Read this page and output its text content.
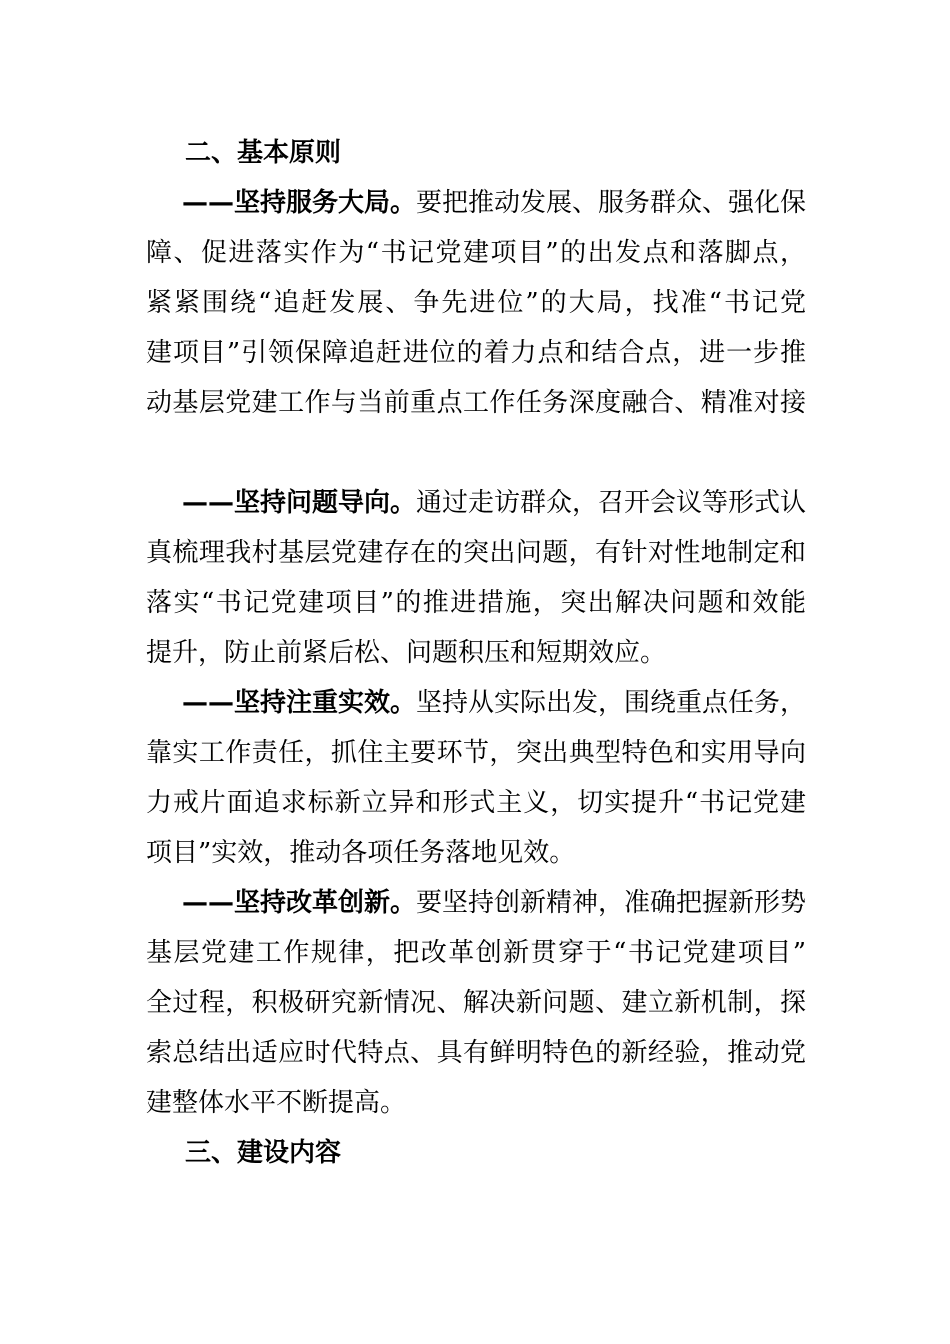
二、基本原则
——坚持服务大局。要把推动发展、服务群众、强化保
障、促进落实作为“书记党建项目”的出发点和落脚点，
紧紧围绕“追赶发展、争先进位”的大局，找准“书记党
建项目”引领保障追赶进位的着力点和结合点，进一步推
动基层党建工作与当前重点工作任务深度融合、精准对接
——坚持问题导向。通过走访群众，召开会议等形式认
真梳理我村基层党建存在的突出问题，有针对性地制定和
落实“书记党建项目”的推进措施，突出解决问题和效能
提升，防止前紧后松、问题积压和短期效应。
——坚持注重实效。坚持从实际出发，围绕重点任务，
靠实工作责任，抓住主要环节，突出典型特色和实用导向
力戒片面追求标新立异和形式主义，切实提升“书记党建
项目”实效，推动各项任务落地见效。
——坚持改革创新。要坚持创新精神，准确把握新形势
基层党建工作规律，把改革创新贯穿于“书记党建项目”
全过程，积极研究新情况、解决新问题、建立新机制，探
索总结出适应时代特点、具有鲜明特色的新经验，推动党
建整体水平不断提高。
三、建设内容
